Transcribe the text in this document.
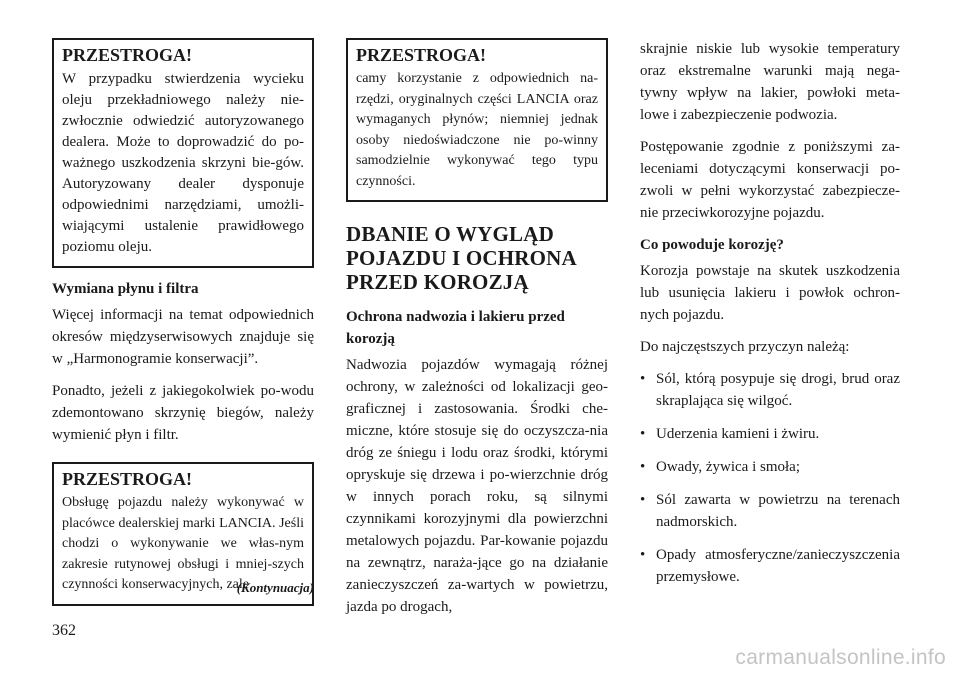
PRZESTROGA!

W przypadku stwierdzenia wycieku oleju przekładniowego należy nie-zwłocznie odwiedzić autoryzowanego dealera. Może to doprowadzić do po-ważnego uszkodzenia skrzyni bie-gów. Autoryzowany dealer dysponuje odpowiednimi narzędziami, umożli-wiającymi ustalenie prawidłowego poziomu oleju.

Wymiana płynu i filtra

Więcej informacji na temat odpowiednich okresów międzyserwisowych znajduje się w „Harmonogramie konserwacji”.

Ponadto, jeżeli z jakiegokolwiek po-wodu zdemontowano skrzynię biegów, należy wymienić płyn i filtr.

PRZESTROGA!

Obsługę pojazdu należy wykonywać w placówce dealerskiej marki LANCIA. Jeśli chodzi o wykonywanie we włas-nym zakresie rutynowej obsługi i mniej-szych czynności konserwacyjnych, zale

(Kontynuacja)

PRZESTROGA!

camy korzystanie z odpowiednich na-rzędzi, oryginalnych części LANCIA oraz wymaganych płynów; niemniej jednak osoby niedoświadczone nie po-winny samodzielnie wykonywać tego typu czynności.

DBANIE O WYGLĄD POJAZDU I OCHRONA PRZED KOROZJĄ

Ochrona nadwozia i lakieru przed korozją

Nadwozia pojazdów wymagają różnej ochrony, w zależności od lokalizacji geo-graficznej i zastosowania. Środki che-miczne, które stosuje się do oczyszcza-nia dróg ze śniegu i lodu oraz środki, którymi opryskuje się drzewa i po-wierzchnie dróg w innych porach roku, są silnymi czynnikami korozyjnymi dla powierzchni metalowych pojazdu. Par-kowanie pojazdu na zewnątrz, naraża-jące go na działanie zanieczyszczeń za-wartych w powietrzu, jazda po drogach,

skrajnie niskie lub wysokie temperatury oraz ekstremalne warunki mają nega-tywny wpływ na lakier, powłoki meta-lowe i zabezpieczenie podwozia.

Postępowanie zgodnie z poniższymi za-leceniami dotyczącymi konserwacji po-zwoli w pełni wykorzystać zabezpiecze-nie przeciwkorozyjne pojazdu.

Co powoduje korozję?

Korozja powstaje na skutek uszkodzenia lub usunięcia lakieru i powłok ochron-nych pojazdu.

Do najczęstszych przyczyn należą:

• Sól, którą posypuje się drogi, brud oraz skraplająca się wilgoć.
• Uderzenia kamieni i żwiru.
• Owady, żywica i smoła;
• Sól zawarta w powietrzu na terenach nadmorskich.
• Opady atmosferyczne/zanieczyszczenia przemysłowe.
362
carmanualsonline.info
